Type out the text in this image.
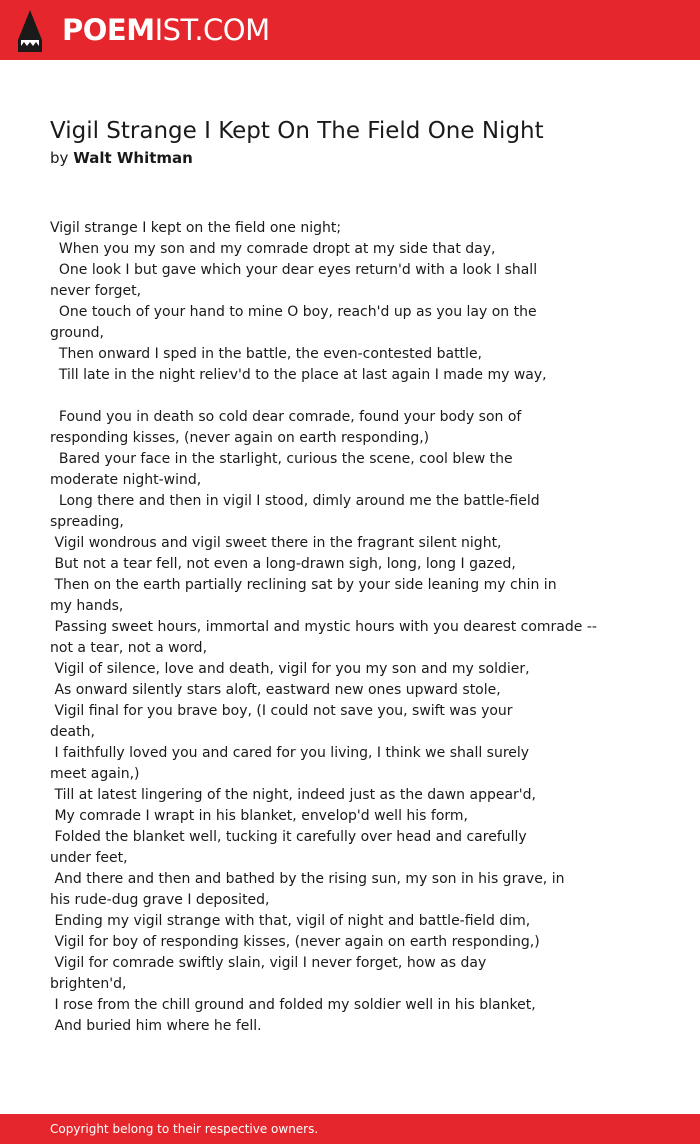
POEMIST.COM
Vigil Strange I Kept On The Field One Night
by Walt Whitman
Vigil strange I kept on the field one night;
When you my son and my comrade dropt at my side that day,
One look I but gave which your dear eyes return'd with a look I shall
never forget,
One touch of your hand to mine O boy, reach'd up as you lay on the
ground,
Then onward I sped in the battle, the even-contested battle,
Till late in the night reliev'd to the place at last again I made my way,
Found you in death so cold dear comrade, found your body son of
responding kisses, (never again on earth responding,)
Bared your face in the starlight, curious the scene, cool blew the
moderate night-wind,
Long there and then in vigil I stood, dimly around me the battle-field
spreading,
Vigil wondrous and vigil sweet there in the fragrant silent night,
But not a tear fell, not even a long-drawn sigh, long, long I gazed,
Then on the earth partially reclining sat by your side leaning my chin in
my hands,
Passing sweet hours, immortal and mystic hours with you dearest comrade --
not a tear, not a word,
Vigil of silence, love and death, vigil for you my son and my soldier,
As onward silently stars aloft, eastward new ones upward stole,
Vigil final for you brave boy, (I could not save you, swift was your
death,
I faithfully loved you and cared for you living, I think we shall surely
meet again,)
Till at latest lingering of the night, indeed just as the dawn appear'd,
My comrade I wrapt in his blanket, envelop'd well his form,
Folded the blanket well, tucking it carefully over head and carefully
under feet,
And there and then and bathed by the rising sun, my son in his grave, in
his rude-dug grave I deposited,
Ending my vigil strange with that, vigil of night and battle-field dim,
Vigil for boy of responding kisses, (never again on earth responding,)
Vigil for comrade swiftly slain, vigil I never forget, how as day
brighten'd,
I rose from the chill ground and folded my soldier well in his blanket,
And buried him where he fell.
Copyright belong to their respective owners.
